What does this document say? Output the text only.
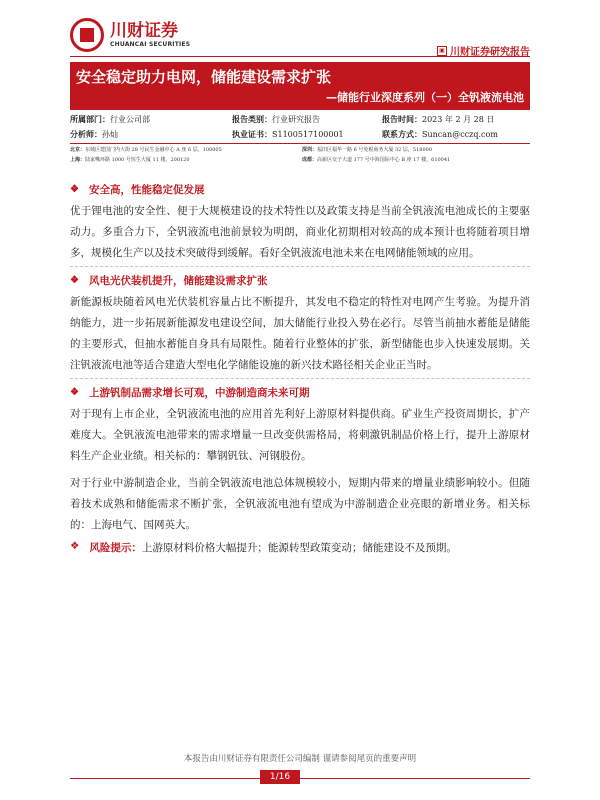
川财证券
CHUANCAI SECURITIES
▣ 川财证券研究报告
安全稳定助力电网，储能建设需求扩张
—储能行业深度系列（一）全钒液流电池
所属部门：行业公司部	报告类别：行业研究报告	报告时间：2023 年 2 月 28 日
分析师：孙灿	执业证书：S1100517100001	联系方式：Suncan@cczq.com
北京：东城区建国门内大街 28 号民生金融中心 A 座 6 层，100005	深圳：福田区福华一路 6 号免税商务大厦 32 层，518000
上海：陆家嘴环路 1000 号恒生大厦 11 楼，200120	成都：高新区交子大道 177 号中海国际中心 B 座 17 楼，610041
❖ 安全高，性能稳定促发展

优于锂电池的安全性、便于大规模建设的技术特性以及政策支持是当前全钒液流电池成长的主要驱动力。多重合力下，全钒液流电池前景较为明朗，商业化初期相对较高的成本预计也将随着项目增多，规模化生产以及技术突破得到缓解。看好全钒液流电池未来在电网储能领域的应用。

❖ 风电光伏装机提升，储能建设需求扩张

新能源板块随着风电光伏装机容量占比不断提升，其发电不稳定的特性对电网产生考验。为提升消纳能力，进一步拓展新能源发电建设空间，加大储能行业投入势在必行。尽管当前抽水蓄能是储能的主要形式，但抽水蓄能自身具有局限性。随着行业整体的扩张，新型储能也步入快速发展期。关注钒液流电池等适合建造大型电化学储能设施的新兴技术路径相关企业正当时。

❖ 上游钒制品需求增长可观，中游制造商未来可期

对于现有上市企业，全钒液流电池的应用首先利好上游原材料提供商。矿业生产投资周期长，扩产难度大。全钒液流电池带来的需求增量一旦改变供需格局，将刺激钒制品价格上行，提升上游原材料生产企业业绩。相关标的：攀钢钒钛、河钢股份。

对于行业中游制造企业，当前全钒液流电池总体规模较小，短期内带来的增量业绩影响较小。但随着技术成熟和储能需求不断扩张，全钒液流电池有望成为中游制造企业亮眼的新增业务。相关标的：上海电气、国网英大。

❖ 风险提示： 上游原材料价格大幅提升；能源转型政策变动；储能建设不及预期。
本报告由川财证券有限责任公司编制 谨请参阅尾页的重要声明
1/16
